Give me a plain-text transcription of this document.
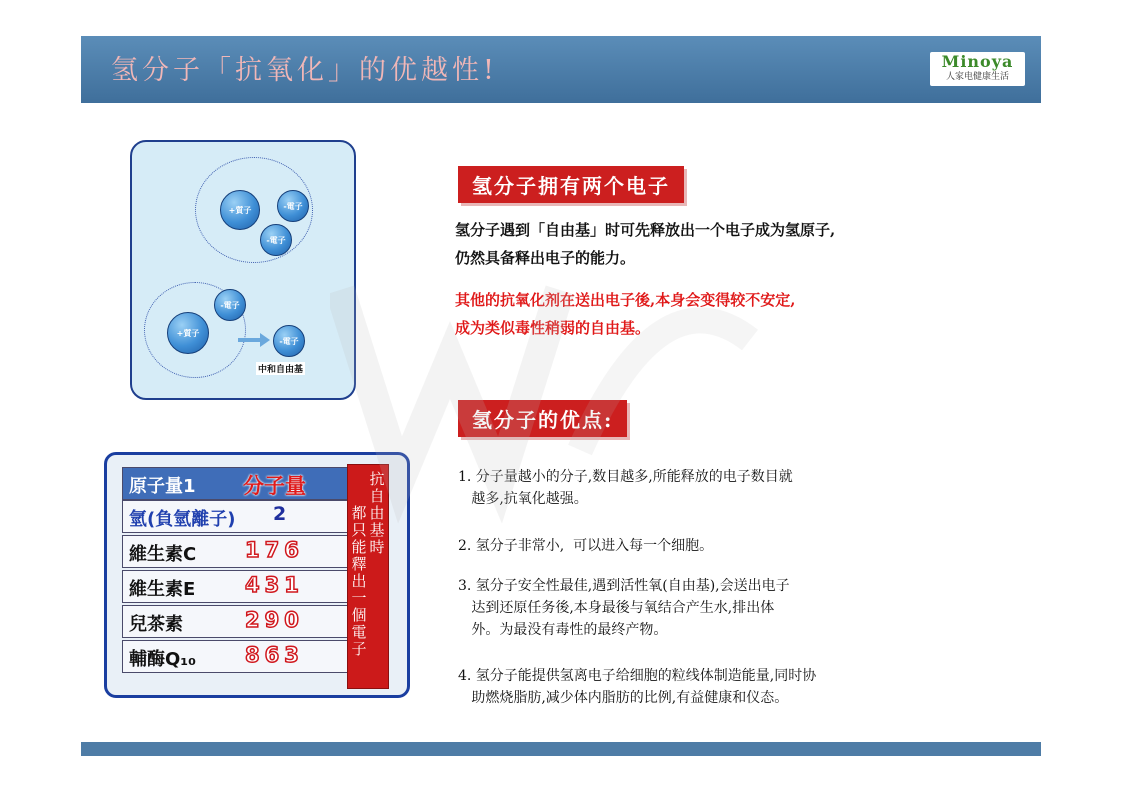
氢分子「抗氧化」的优越性!	Minoya
人家电健康生活
+質子	-電子
-電子
-電子
+質子
-電子
中和自由基
原子量1 分子量
氫(負氫離子) 2
維生素C 176
維生素E 431
兒茶素	290
輔酶Q₁₀ 863
抗自由基時
都只能釋出一個電子
氢分子拥有两个电子
氢分子遇到「自由基」时可先释放出一个电子成为氢原子,
仍然具备释出电子的能力。
其他的抗氧化剂在送出电子後,本身会变得较不安定,
成为类似毒性稍弱的自由基。
氢分子的优点:
1. 分子量越小的分子,数目越多,所能释放的电子数目就
越多,抗氧化越强。
2. 氢分子非常小,  可以进入每一个细胞。
3. 氢分子安全性最佳,遇到活性氧(自由基),会送出电子
达到还原任务後,本身最後与氧结合产生水,排出体
外。为最没有毒性的最终产物。
4. 氢分子能提供氢离电子给细胞的粒线体制造能量,同时协
助燃烧脂肪,减少体内脂肪的比例,有益健康和仪态。
